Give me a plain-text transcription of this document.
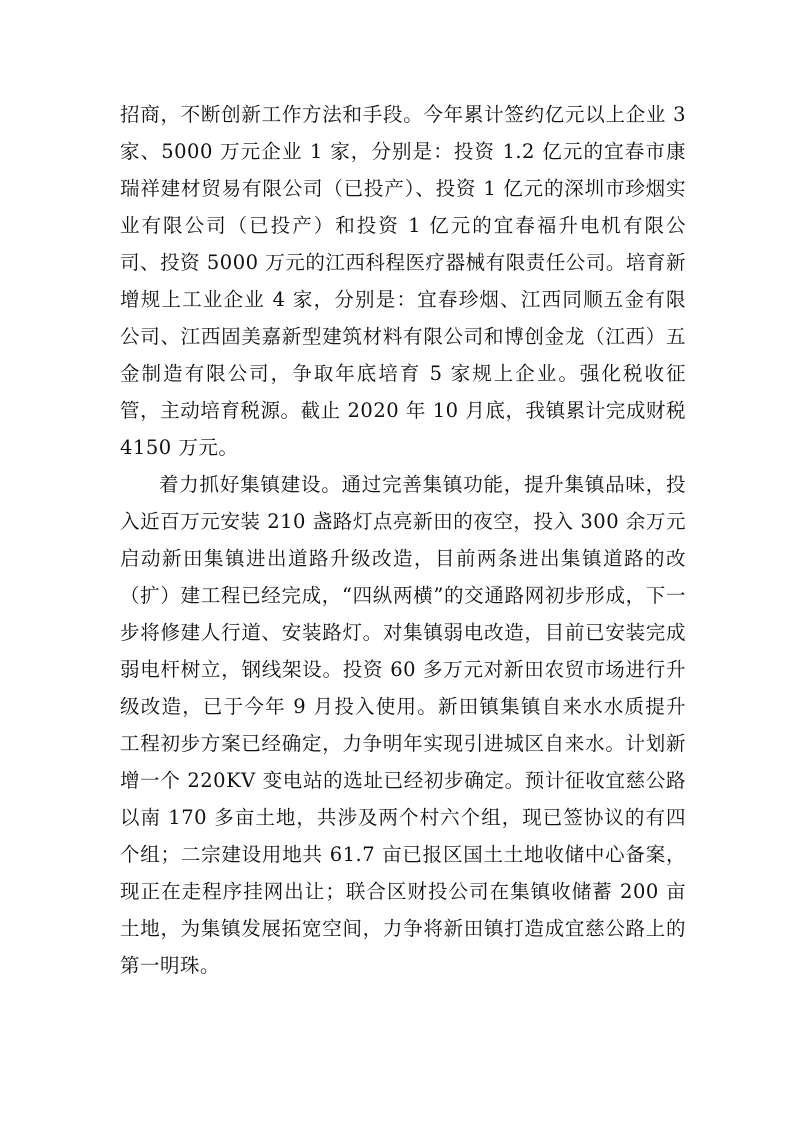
招商，不断创新工作方法和手段。今年累计签约亿元以上企业 3 家、5000 万元企业 1 家，分别是：投资 1.2 亿元的宜春市康瑞祥建材贸易有限公司（已投产）、投资 1 亿元的深圳市珍烟实业有限公司（已投产）和投资 1 亿元的宜春福升电机有限公司、投资 5000 万元的江西科程医疗器械有限责任公司。培育新增规上工业企业 4 家，分别是：宜春珍烟、江西同顺五金有限公司、江西固美嘉新型建筑材料有限公司和博创金龙（江西）五金制造有限公司，争取年底培育 5 家规上企业。强化税收征管，主动培育税源。截止 2020 年 10 月底，我镇累计完成财税 4150 万元。

着力抓好集镇建设。通过完善集镇功能，提升集镇品味，投入近百万元安装 210 盏路灯点亮新田的夜空，投入 300 余万元启动新田集镇进出道路升级改造，目前两条进出集镇道路的改（扩）建工程已经完成，“四纵两横”的交通路网初步形成，下一步将修建人行道、安装路灯。对集镇弱电改造，目前已安装完成弱电杆树立，钢线架设。投资 60 多万元对新田农贸市场进行升级改造，已于今年 9 月投入使用。新田镇集镇自来水水质提升工程初步方案已经确定，力争明年实现引进城区自来水。计划新增一个 220KV 变电站的选址已经初步确定。预计征收宜慈公路以南 170 多亩土地，共涉及两个村六个组，现已签协议的有四个组；二宗建设用地共 61.7 亩已报区国土土地收储中心备案，现正在走程序挂网出让；联合区财投公司在集镇收储蓄 200 亩土地，为集镇发展拓宽空间，力争将新田镇打造成宜慈公路上的第一明珠。
